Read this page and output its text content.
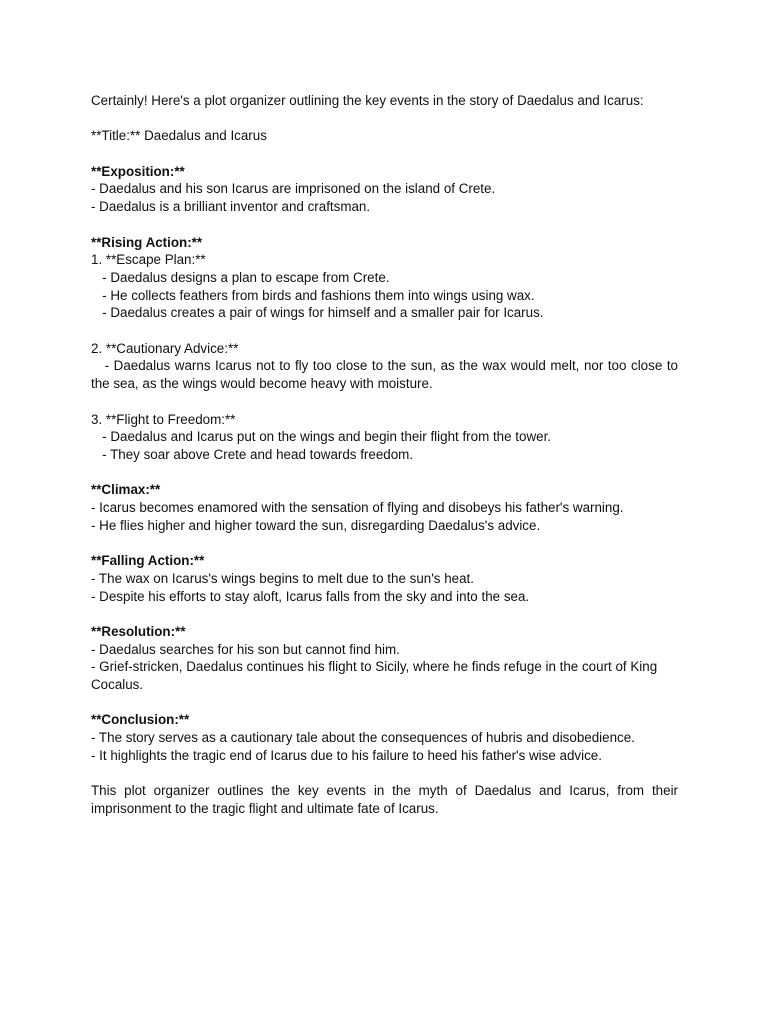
Certainly! Here's a plot organizer outlining the key events in the story of Daedalus and Icarus:
**Title:** Daedalus and Icarus
**Exposition:**
- Daedalus and his son Icarus are imprisoned on the island of Crete.
- Daedalus is a brilliant inventor and craftsman.
**Rising Action:**
1. **Escape Plan:**
- Daedalus designs a plan to escape from Crete.
- He collects feathers from birds and fashions them into wings using wax.
- Daedalus creates a pair of wings for himself and a smaller pair for Icarus.
2. **Cautionary Advice:**
- Daedalus warns Icarus not to fly too close to the sun, as the wax would melt, nor too close to the sea, as the wings would become heavy with moisture.
3. **Flight to Freedom:**
- Daedalus and Icarus put on the wings and begin their flight from the tower.
- They soar above Crete and head towards freedom.
**Climax:**
- Icarus becomes enamored with the sensation of flying and disobeys his father's warning.
- He flies higher and higher toward the sun, disregarding Daedalus's advice.
**Falling Action:**
- The wax on Icarus's wings begins to melt due to the sun's heat.
- Despite his efforts to stay aloft, Icarus falls from the sky and into the sea.
**Resolution:**
- Daedalus searches for his son but cannot find him.
- Grief-stricken, Daedalus continues his flight to Sicily, where he finds refuge in the court of King Cocalus.
**Conclusion:**
- The story serves as a cautionary tale about the consequences of hubris and disobedience.
- It highlights the tragic end of Icarus due to his failure to heed his father's wise advice.
This plot organizer outlines the key events in the myth of Daedalus and Icarus, from their imprisonment to the tragic flight and ultimate fate of Icarus.
